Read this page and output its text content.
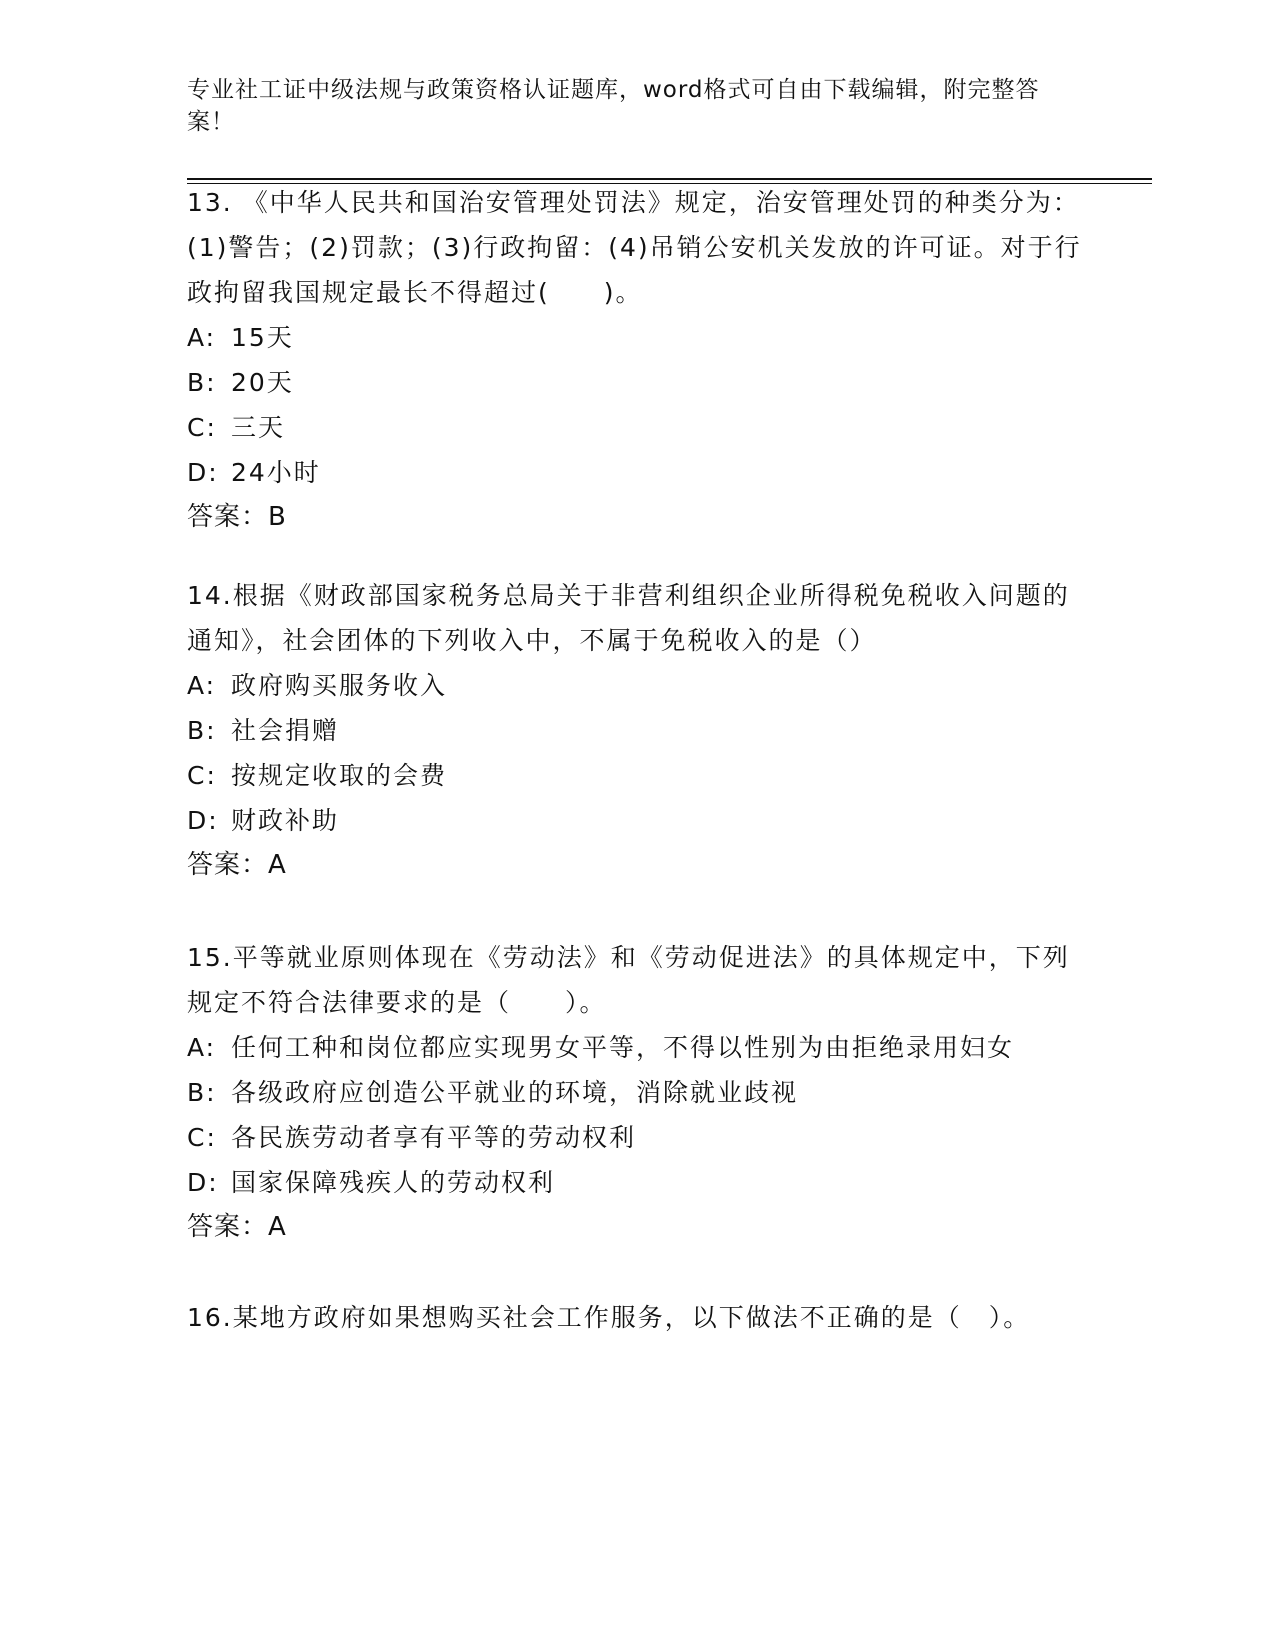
专业社工证中级法规与政策资格认证题库，word格式可自由下载编辑，附完整答案！

13. 《中华人民共和国治安管理处罚法》规定，治安管理处罚的种类分为：(1)警告；(2)罚款；(3)行政拘留：(4)吊销公安机关发放的许可证。对于行政拘留我国规定最长不得超过(　　)。

A: 15天
B: 20天
C: 三天
D: 24小时
答案：B

14.根据《财政部国家税务总局关于非营利组织企业所得税免税收入问题的通知》，社会团体的下列收入中，不属于免税收入的是（）

A: 政府购买服务收入
B: 社会捐赠
C: 按规定收取的会费
D: 财政补助
答案：A

15.平等就业原则体现在《劳动法》和《劳动促进法》的具体规定中，下列规定不符合法律要求的是（　　）。

A: 任何工种和岗位都应实现男女平等，不得以性别为由拒绝录用妇女
B: 各级政府应创造公平就业的环境，消除就业歧视
C: 各民族劳动者享有平等的劳动权利
D: 国家保障残疾人的劳动权利
答案：A

16.某地方政府如果想购买社会工作服务，以下做法不正确的是（　）。
